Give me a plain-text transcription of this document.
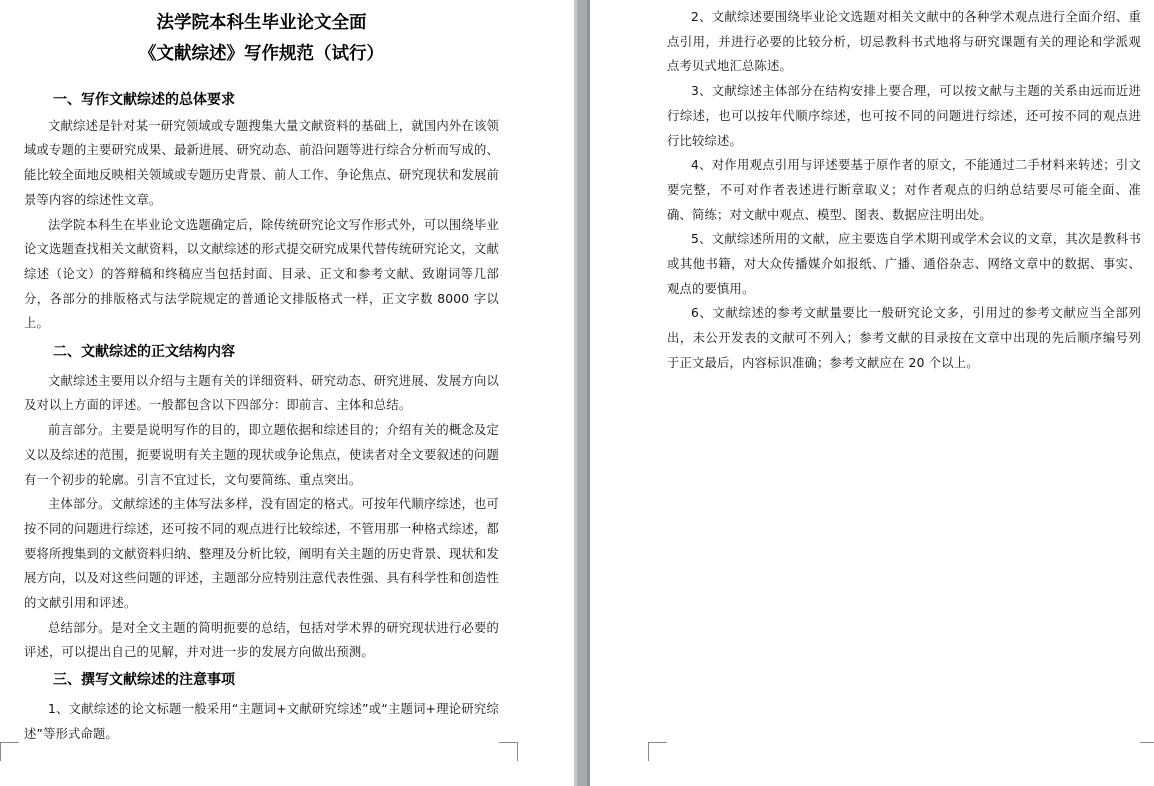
法学院本科生毕业论文全面

《文献综述》写作规范（试行）

一、写作文献综述的总体要求

文献综述是针对某一研究领域或专题搜集大量文献资料的基础上，就国内外在该领域或专题的主要研究成果、最新进展、研究动态、前沿问题等进行综合分析而写成的、能比较全面地反映相关领域或专题历史背景、前人工作、争论焦点、研究现状和发展前景等内容的综述性文章。

法学院本科生在毕业论文选题确定后，除传统研究论文写作形式外，可以围绕毕业论文选题查找相关文献资料，以文献综述的形式提交研究成果代替传统研究论文，文献综述（论文）的答辩稿和终稿应当包括封面、目录、正文和参考文献、致谢词等几部分，各部分的排版格式与法学院规定的普通论文排版格式一样，正文字数 8000 字以上。

二、文献综述的正文结构内容

文献综述主要用以介绍与主题有关的详细资料、研究动态、研究进展、发展方向以及对以上方面的评述。一般都包含以下四部分：即前言、主体和总结。

前言部分。主要是说明写作的目的，即立题依据和综述目的；介绍有关的概念及定义以及综述的范围，扼要说明有关主题的现状或争论焦点，使读者对全文要叙述的问题有一个初步的轮廓。引言不宜过长，文句要简练、重点突出。

主体部分。文献综述的主体写法多样，没有固定的格式。可按年代顺序综述，也可按不同的问题进行综述，还可按不同的观点进行比较综述，不管用那一种格式综述，都要将所搜集到的文献资料归纳、整理及分析比较，阐明有关主题的历史背景、现状和发展方向，以及对这些问题的评述，主题部分应特别注意代表性强、具有科学性和创造性的文献引用和评述。

总结部分。是对全文主题的简明扼要的总结，包括对学术界的研究现状进行必要的评述，可以提出自己的见解，并对进一步的发展方向做出预测。

三、撰写文献综述的注意事项

1、文献综述的论文标题一般采用“主题词+文献研究综述”或“主题词+理论研究综述”等形式命题。

2、文献综述要围绕毕业论文选题对相关文献中的各种学术观点进行全面介绍、重点引用，并进行必要的比较分析，切忌教科书式地将与研究课题有关的理论和学派观点考贝式地汇总陈述。

3、文献综述主体部分在结构安排上要合理，可以按文献与主题的关系由远而近进行综述，也可以按年代顺序综述，也可按不同的问题进行综述，还可按不同的观点进行比较综述。

4、对作用观点引用与评述要基于原作者的原文，不能通过二手材料来转述；引文要完整，不可对作者表述进行断章取义；对作者观点的归纳总结要尽可能全面、准确、简练；对文献中观点、模型、图表、数据应注明出处。

5、文献综述所用的文献，应主要选自学术期刊或学术会议的文章，其次是教科书或其他书籍，对大众传播媒介如报纸、广播、通俗杂志、网络文章中的数据、事实、观点的要慎用。

6、文献综述的参考文献量要比一般研究论文多，引用过的参考文献应当全部列出，未公开发表的文献可不列入；参考文献的目录按在文章中出现的先后顺序编号列于正文最后，内容标识准确；参考文献应在 20 个以上。
